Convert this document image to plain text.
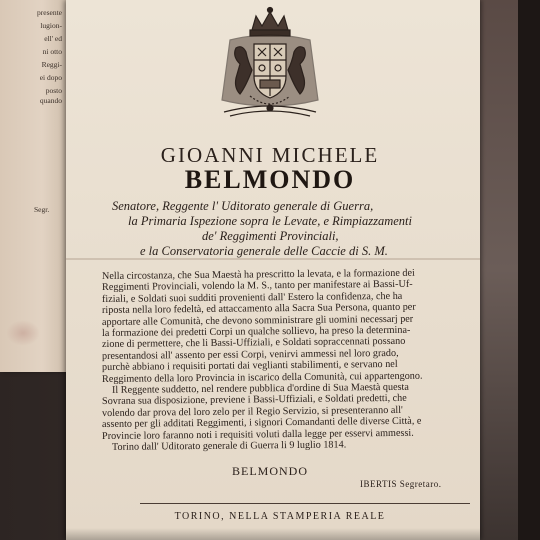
presente
lugion-
ell' ed
ni otto
Reggi-
ei dopo
posto
quando
Segr.
GIOANNI MICHELE
BELMONDO
Senatore, Reggente l' Uditorato generale di Guerra,
la Primaria Ispezione sopra le Levate, e Rimpiazzamenti
de' Reggimenti Provinciali,
e la Conservatoria generale delle Caccie di S. M.
Nella circostanza, che Sua Maestà ha prescritto la levata, e la formazione dei
Reggimenti Provinciali, volendo la M. S., tanto per manifestare ai Bassi-Uf-
fiziali, e Soldati suoi sudditi provenienti dall' Estero la confidenza, che ha
riposta nella loro fedeltà, ed attaccamento alla Sacra Sua Persona, quanto per
apportare alle Comunità, che devono somministrare gli uomini necessarj per
la formazione dei predetti Corpi un qualche sollievo, ha preso la determina-
zione di permettere, che li Bassi-Uffiziali, e Soldati sopraccennati possano
presentandosi all' assento per essi Corpi, venirvi ammessi nel loro grado,
purchè abbiano i requisiti portati dai veglianti stabilimenti, e servano nel
Reggimento della loro Provincia in iscarico della Comunità, cui appartengono.
Il Reggente suddetto, nel rendere pubblica d'ordine di Sua Maestà questa
Sovrana sua disposizione, previene i Bassi-Uffiziali, e Soldati predetti, che
volendo dar prova del loro zelo per il Regio Servizio, si presenteranno all'
assento per gli additati Reggimenti, i signori Comandanti delle diverse Città, e
Provincie loro faranno noti i requisiti voluti dalla legge per esservi ammessi.
Torino dall' Uditorato generale di Guerra li 9 luglio 1814.
BELMONDO
IBERTIS Segretaro.
TORINO, NELLA STAMPERIA REALE
